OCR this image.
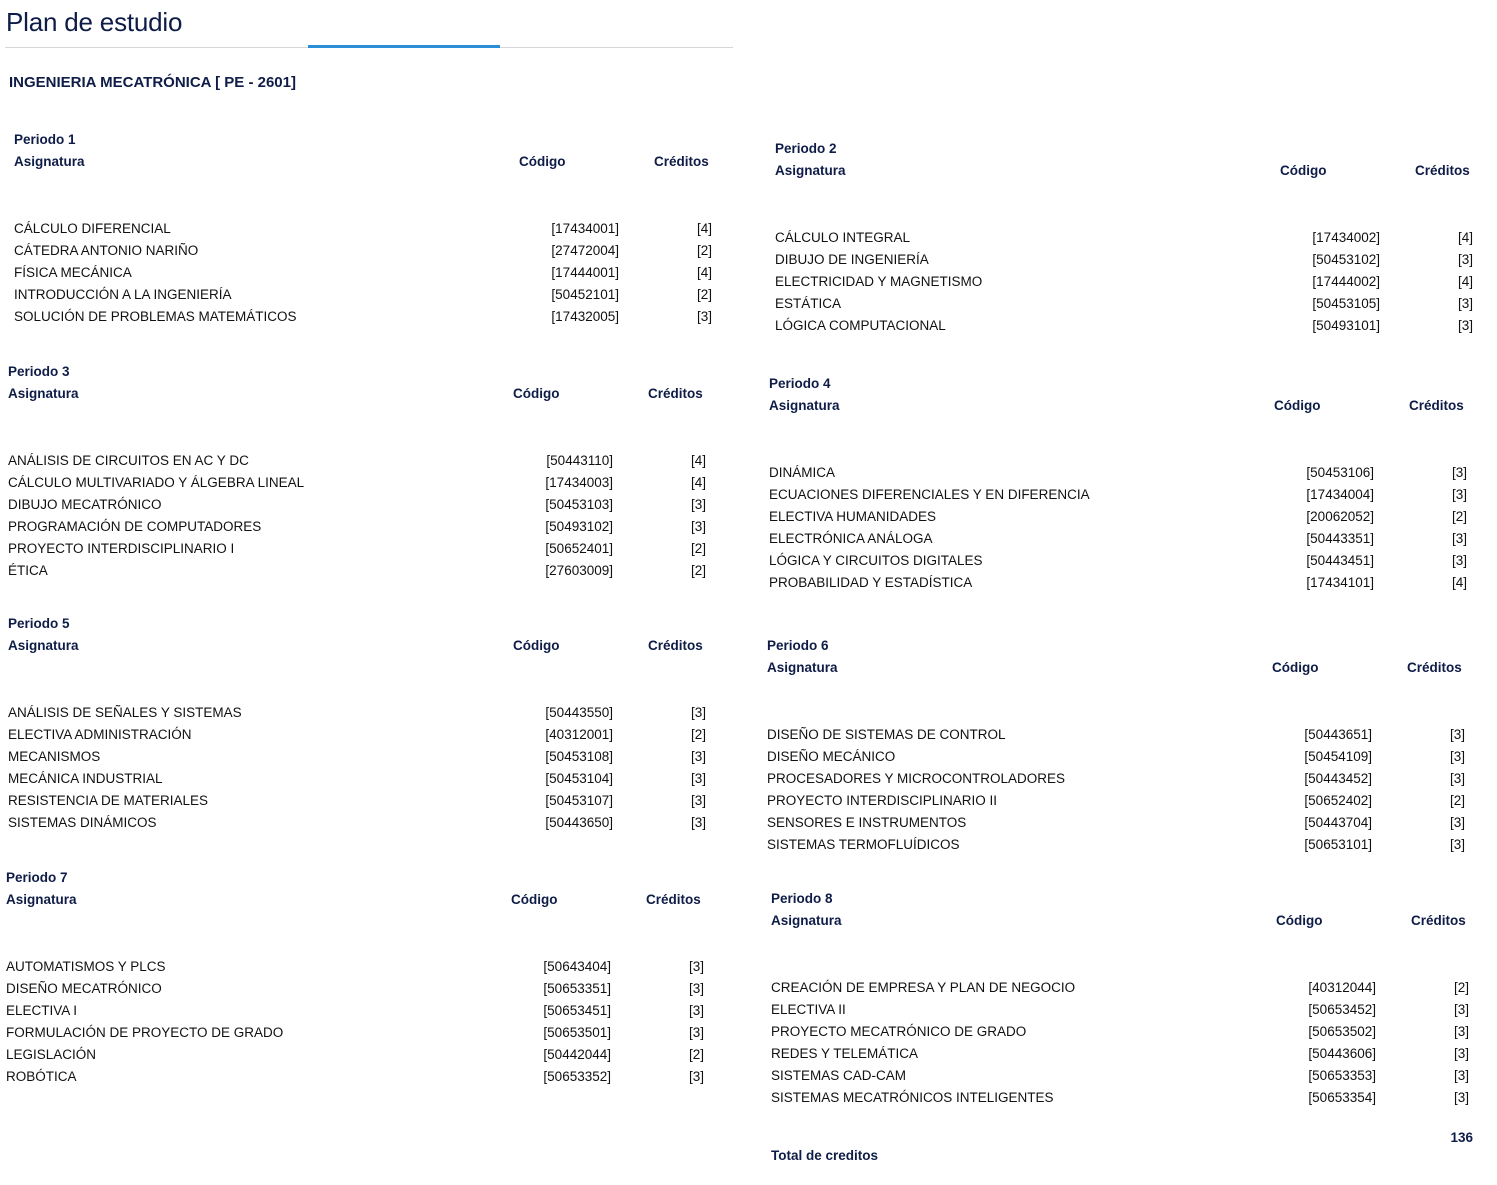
Plan de estudio
INGENIERIA MECATRÓNICA [ PE - 2601]
Periodo 1
Asignatura	Código	Créditos
CÁLCULO DIFERENCIAL	[17434001]	[4]
CÁTEDRA ANTONIO NARIÑO	[27472004]	[2]
FÍSICA MECÁNICA	[17444001]	[4]
INTRODUCCIÓN A LA INGENIERÍA	[50452101]	[2]
SOLUCIÓN DE PROBLEMAS MATEMÁTICOS	[17432005]	[3]
Periodo 2
Asignatura	Código	Créditos
CÁLCULO INTEGRAL	[17434002]	[4]
DIBUJO DE INGENIERÍA	[50453102]	[3]
ELECTRICIDAD Y MAGNETISMO	[17444002]	[4]
ESTÁTICA	[50453105]	[3]
LÓGICA COMPUTACIONAL	[50493101]	[3]
Periodo 3
Asignatura	Código	Créditos
ANÁLISIS DE CIRCUITOS EN AC Y DC	[50443110]	[4]
CÁLCULO MULTIVARIADO Y ÁLGEBRA LINEAL	[17434003]	[4]
DIBUJO MECATRÓNICO	[50453103]	[3]
PROGRAMACIÓN DE COMPUTADORES	[50493102]	[3]
PROYECTO INTERDISCIPLINARIO I	[50652401]	[2]
ÉTICA	[27603009]	[2]
Periodo 4
Asignatura	Código	Créditos
DINÁMICA	[50453106]	[3]
ECUACIONES DIFERENCIALES Y EN DIFERENCIA	[17434004]	[3]
ELECTIVA HUMANIDADES	[20062052]	[2]
ELECTRÓNICA ANÁLOGA	[50443351]	[3]
LÓGICA Y CIRCUITOS DIGITALES	[50443451]	[3]
PROBABILIDAD Y ESTADÍSTICA	[17434101]	[4]
Periodo 5
Asignatura	Código	Créditos
ANÁLISIS DE SEÑALES Y SISTEMAS	[50443550]	[3]
ELECTIVA ADMINISTRACIÓN	[40312001]	[2]
MECANISMOS	[50453108]	[3]
MECÁNICA INDUSTRIAL	[50453104]	[3]
RESISTENCIA DE MATERIALES	[50453107]	[3]
SISTEMAS DINÁMICOS	[50443650]	[3]
Periodo 6
Asignatura	Código	Créditos
DISEÑO DE SISTEMAS DE CONTROL	[50443651]	[3]
DISEÑO MECÁNICO	[50454109]	[3]
PROCESADORES Y MICROCONTROLADORES	[50443452]	[3]
PROYECTO INTERDISCIPLINARIO II	[50652402]	[2]
SENSORES E INSTRUMENTOS	[50443704]	[3]
SISTEMAS TERMOFLUÍDICOS	[50653101]	[3]
Periodo 7
Asignatura	Código	Créditos
AUTOMATISMOS Y PLCS	[50643404]	[3]
DISEÑO MECATRÓNICO	[50653351]	[3]
ELECTIVA I	[50653451]	[3]
FORMULACIÓN DE PROYECTO DE GRADO	[50653501]	[3]
LEGISLACIÓN	[50442044]	[2]
ROBÓTICA	[50653352]	[3]
Periodo 8
Asignatura	Código	Créditos
CREACIÓN DE EMPRESA Y PLAN DE NEGOCIO	[40312044]	[2]
ELECTIVA II	[50653452]	[3]
PROYECTO MECATRÓNICO DE GRADO	[50653502]	[3]
REDES Y TELEMÁTICA	[50443606]	[3]
SISTEMAS CAD-CAM	[50653353]	[3]
SISTEMAS MECATRÓNICOS INTELIGENTES	[50653354]	[3]
136
Total de creditos
